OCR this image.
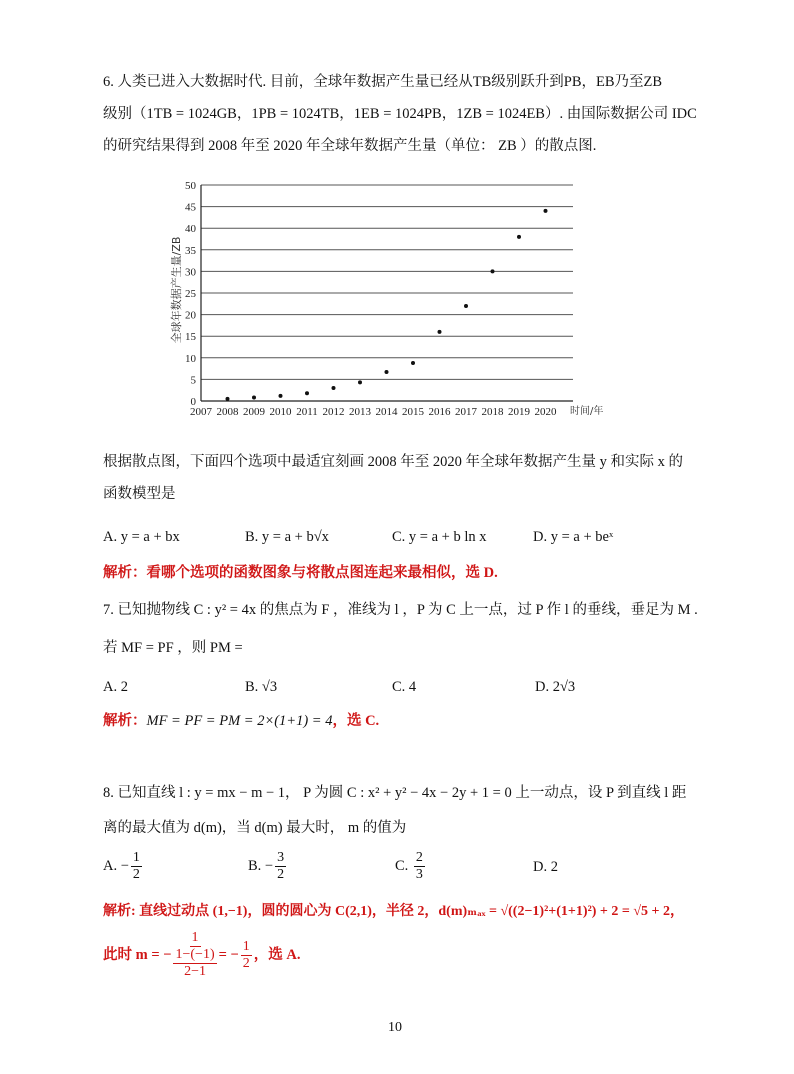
6. 人类已进入大数据时代. 目前，全球年数据产生量已经从TB级别跃升到PB，EB乃至ZB
级别（1TB = 1024GB，1PB = 1024TB，1EB = 1024PB，1ZB = 1024EB）. 由国际数据公司 IDC
的研究结果得到 2008 年至 2020 年全球年数据产生量（单位： ZB ）的散点图.
0
5
10
15
20
25
30
35
40
45
50
2007 2008 2009 2010 2011 2012 2013 2014 2015 2016 2017 2018 2019 2020 时间/年
全球年数据产生量/ZB
根据散点图，下面四个选项中最适宜刻画 2008 年至 2020 年全球年数据产生量 y 和实际 x 的
函数模型是
A. y = a + bx	B. y = a + b√x	C. y = a + b ln x	D. y = a + beˣ
解析：看哪个选项的函数图象与将散点图连起来最相似，选 D.
7. 已知抛物线 C : y² = 4x 的焦点为 F ，准线为 l ，P 为 C 上一点，过 P 作 l 的垂线，垂足为 M .
若 MF = PF ，则 PM =
A. 2	B. √3	C. 4	D. 2√3
解析：MF = PF = PM = 2×(1+1) = 4，选 C.
8. 已知直线 l : y = mx − m − 1， P 为圆 C : x² + y² − 4x − 2y + 1 = 0 上一动点，设 P 到直线 l 距
离的最大值为 d(m)，当 d(m) 最大时， m 的值为
A. − $\frac{1}{2}$	B. − $\frac{3}{2}$	C. $\frac{2}{3}$	D. 2
解析: 直线过动点 (1,−1)，圆的圆心为 C(2,1)，半径 2，d(m)ₘₐₓ = √((2−1)²+(1+1)²) + 2 = √5 + 2，
此时 m = − $\frac{1}{\frac{1-(-1)}{2-1}}$ = − $\frac{1}{2}$ ，选 A.
10
